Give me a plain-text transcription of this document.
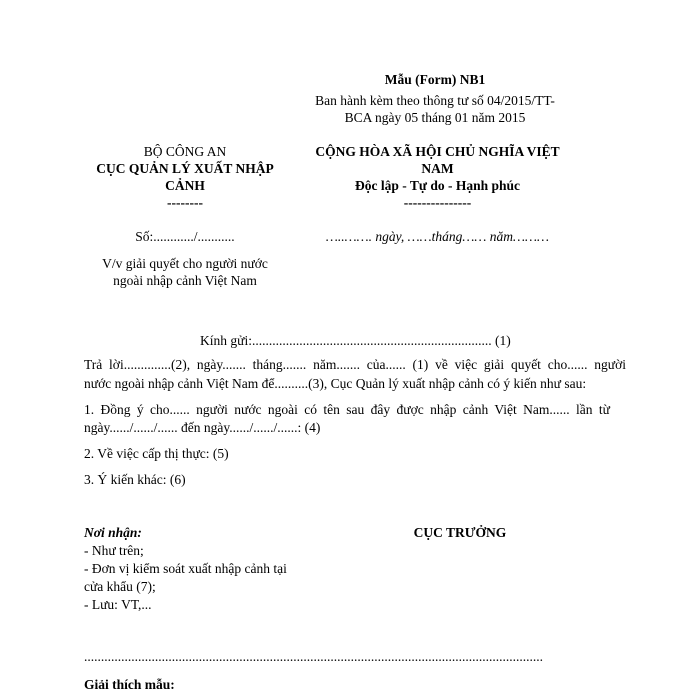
Mẫu (Form) NB1
Ban hành kèm theo thông tư số 04/2015/TT-
BCA ngày 05 tháng 01 năm 2015
BỘ CÔNG AN
CỤC QUẢN LÝ XUẤT NHẬP
CẢNH
--------
Số:............/...........
V/v giải quyết cho người nước
ngoài nhập cảnh Việt Nam
CỘNG HÒA XÃ HỘI CHỦ NGHĨA VIỆT
NAM
Độc lập - Tự do - Hạnh phúc
---------------
…..……. ngày, ……tháng…… năm………
Kính gửi:....................................................................... (1)
Trả lời..............(2), ngày....... tháng....... năm....... của...... (1) về việc giải quyết cho...... người
nước ngoài nhập cảnh Việt Nam để..........(3), Cục Quản lý xuất nhập cảnh có ý kiến như sau:
1. Đồng ý cho...... người nước ngoài có tên sau đây được nhập cảnh Việt Nam...... lần từ
ngày....../....../...... đến ngày....../....../......: (4)
2. Về việc cấp thị thực: (5)
3. Ý kiến khác: (6)
Nơi nhận:
- Như trên;
- Đơn vị kiểm soát xuất nhập cảnh tại
cửa khẩu (7);
- Lưu: VT,...
CỤC TRƯỞNG
........................................................................................................................................
Giải thích mẫu:
